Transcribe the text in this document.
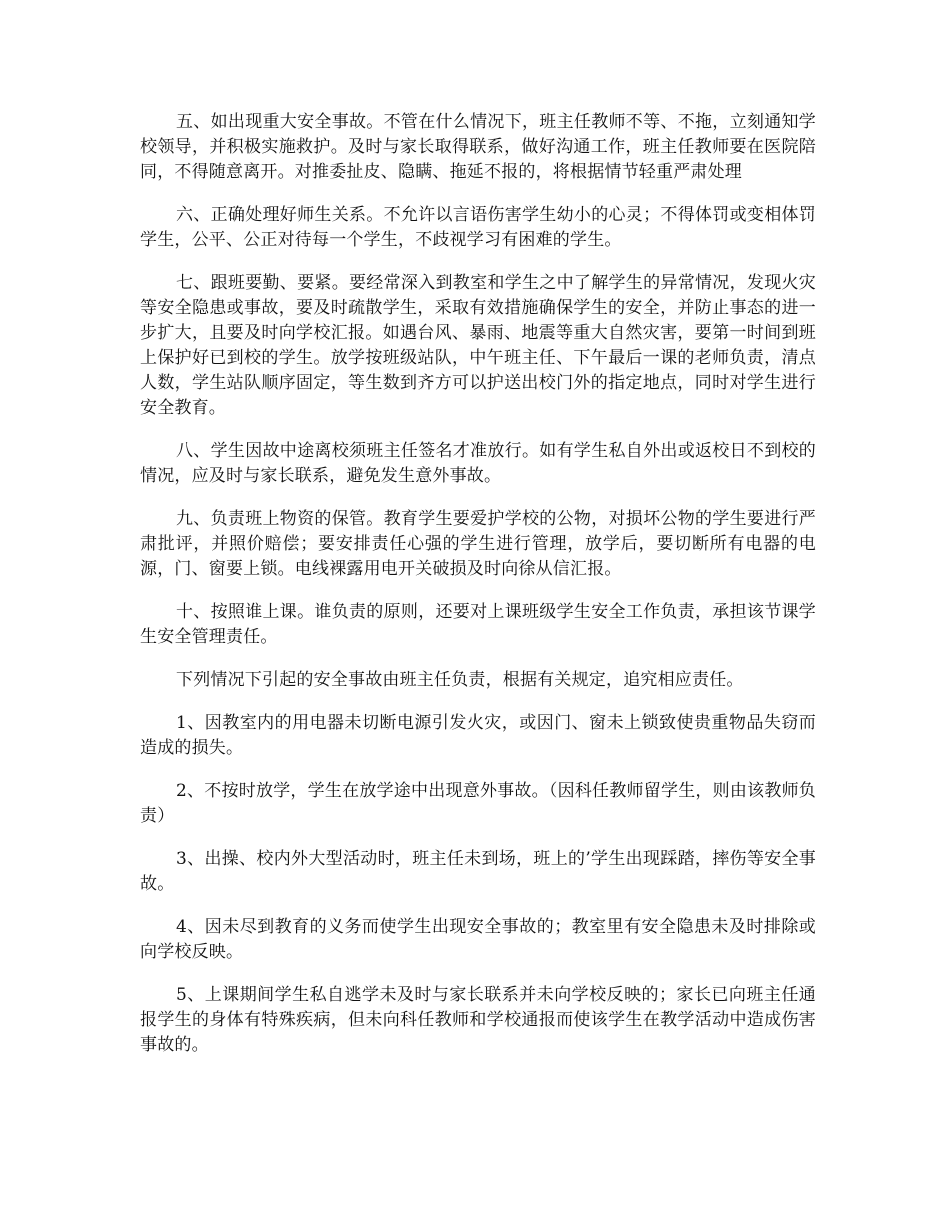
五、如出现重大安全事故。不管在什么情况下，班主任教师不等、不拖，立刻通知学校领导，并积极实施救护。及时与家长取得联系，做好沟通工作，班主任教师要在医院陪同，不得随意离开。对推委扯皮、隐瞒、拖延不报的，将根据情节轻重严肃处理

六、正确处理好师生关系。不允许以言语伤害学生幼小的心灵；不得体罚或变相体罚学生，公平、公正对待每一个学生，不歧视学习有困难的学生。

七、跟班要勤、要紧。要经常深入到教室和学生之中了解学生的异常情况，发现火灾等安全隐患或事故，要及时疏散学生，采取有效措施确保学生的安全，并防止事态的进一步扩大，且要及时向学校汇报。如遇台风、暴雨、地震等重大自然灾害，要第一时间到班上保护好已到校的学生。放学按班级站队，中午班主任、下午最后一课的老师负责，清点人数，学生站队顺序固定，等生数到齐方可以护送出校门外的指定地点，同时对学生进行安全教育。

八、学生因故中途离校须班主任签名才准放行。如有学生私自外出或返校日不到校的情况，应及时与家长联系，避免发生意外事故。

九、负责班上物资的保管。教育学生要爱护学校的公物，对损坏公物的学生要进行严肃批评，并照价赔偿；要安排责任心强的学生进行管理，放学后，要切断所有电器的电源，门、窗要上锁。电线裸露用电开关破损及时向徐从信汇报。

十、按照谁上课。谁负责的原则，还要对上课班级学生安全工作负责，承担该节课学生安全管理责任。

下列情况下引起的安全事故由班主任负责，根据有关规定，追究相应责任。

1、因教室内的用电器未切断电源引发火灾，或因门、窗未上锁致使贵重物品失窃而造成的损失。

2、不按时放学，学生在放学途中出现意外事故。（因科任教师留学生，则由该教师负责）

3、出操、校内外大型活动时，班主任未到场，班上的’学生出现踩踏，摔伤等安全事故。

4、因未尽到教育的义务而使学生出现安全事故的；教室里有安全隐患未及时排除或向学校反映。

5、上课期间学生私自逃学未及时与家长联系并未向学校反映的；家长已向班主任通报学生的身体有特殊疾病，但未向科任教师和学校通报而使该学生在教学活动中造成伤害事故的。
